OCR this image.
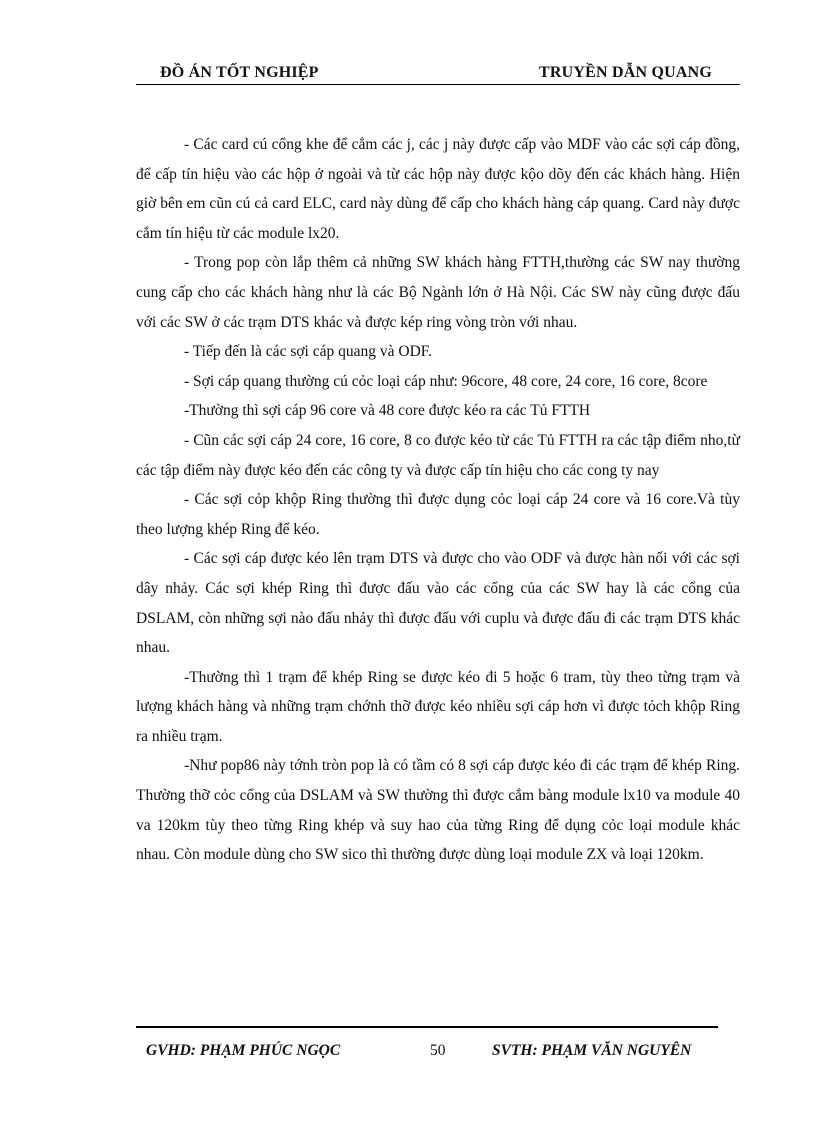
ĐỒ ÁN TỐT NGHIỆP	TRUYỀN DẪN QUANG

- Các card cú cổng khe để cắm các j, các j này được cấp vào MDF vào các sợi cáp đồng, để cấp tín hiệu vào các hộp ở ngoài và từ các hộp này được kộo dõy đến các khách hàng. Hiện giờ bên em cũn cú cả card ELC, card này dùng để cấp cho khách hàng cáp quang. Card này được cắm tín hiệu từ các module lx20.

- Trong pop còn lắp thêm cả những SW khách hàng FTTH,thường các SW nay thường cung cấp cho các khách hàng như là các Bộ Ngành lớn ở Hà Nội. Các SW này cũng được đấu với các SW ở các trạm DTS khác và được kép ring vòng tròn với nhau.

- Tiếp đến là các sợi cáp quang và ODF.

- Sợi cáp quang thường cú cỏc loại cáp như: 96core, 48 core, 24 core, 16 core, 8core

-Thường thì sợi cáp 96 core và 48 core được kéo ra các Tủ FTTH

- Cũn các sợi cáp 24 core, 16 core, 8 co được kéo từ các Tủ FTTH ra các tập điểm nho,từ các tập điểm này được kéo đến các công ty và được cấp tín hiệu cho các cong ty nay

- Các sợi cỏp khộp Ring thường thì được dụng cỏc loại cáp 24 core và 16 core.Và tùy theo lượng khép Ring để kéo.

- Các sợi cáp được kéo lên trạm DTS và được cho vào ODF và được hàn nối với các sợi dây nhảy. Các sợi khép Ring thì được đấu vào các cổng của các SW hay là các cổng của DSLAM, còn những sợi nào đấu nhảy thì được đấu với cuplu và được đấu đi các trạm DTS khác nhau.

-Thường thì 1 trạm để khép Ring se được kéo đi 5 hoặc 6 tram, tùy theo từng trạm và lượng khách hàng và những trạm chớnh thỡ được kéo nhiều sợi cáp hơn vì được tỏch khộp Ring ra nhiều trạm.

-Như pop86 này tớnh tròn pop là có tầm có 8 sợi cáp được kéo đi các trạm để khép Ring. Thường thỡ cỏc cổng của DSLAM và SW thường thì được cắm bàng module lx10 va module 40 va 120km tùy theo từng Ring khép và suy hao của từng Ring để dụng cỏc loại module khác nhau. Còn module dùng cho SW sico thì thường được dùng loại module ZX và loại 120km.

GVHD: PHẠM PHÚC NGỌC	50	SVTH: PHẠM VĂN NGUYÊN
